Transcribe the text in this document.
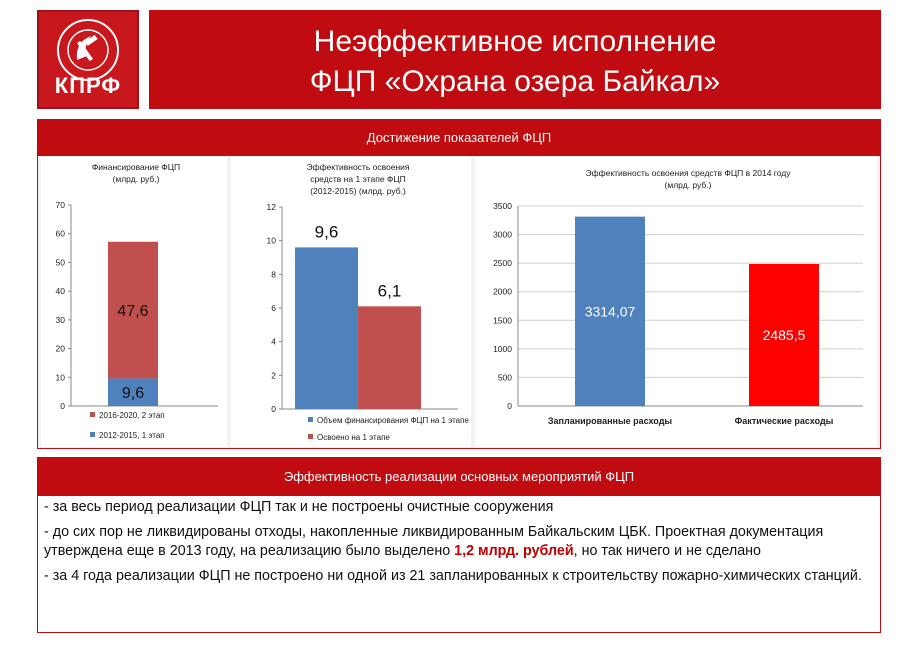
КПРФ
Неэффективное исполнение
ФЦП «Охрана озера Байкал»
Достижение показателей ФЦП
Финансирование ФЦП
(млрд. руб.)
0
10
20
30
40
50
60
70
9,6
47,6
2016-2020, 2 этап
2012-2015, 1 этап
Эффективность освоения
средств на 1 этапе ФЦП
(2012-2015) (млрд. руб.)
0
2
4
6
8
10
12
9,6
6,1
Объем финансирования ФЦП на 1 этапе
Освоено на 1 этапе
Эффективность освоения средств ФЦП в 2014 году
(млрд. руб.)
0
500
1000
1500
2000
2500
3000
3500
3314,07
Запланированные расходы
2485,5
Фактические расходы
Эффективность реализации основных мероприятий ФЦП
- за весь период реализации ФЦП так и не построены очистные сооружения
- до сих пор не ликвидированы отходы, накопленные ликвидированным Байкальским ЦБК. Проектная документация утверждена еще в 2013 году, на реализацию было выделено 1,2 млрд. рублей, но так ничего и не сделано
- за 4 года реализации ФЦП не построено ни одной из 21 запланированных к строительству пожарно-химических станций.
